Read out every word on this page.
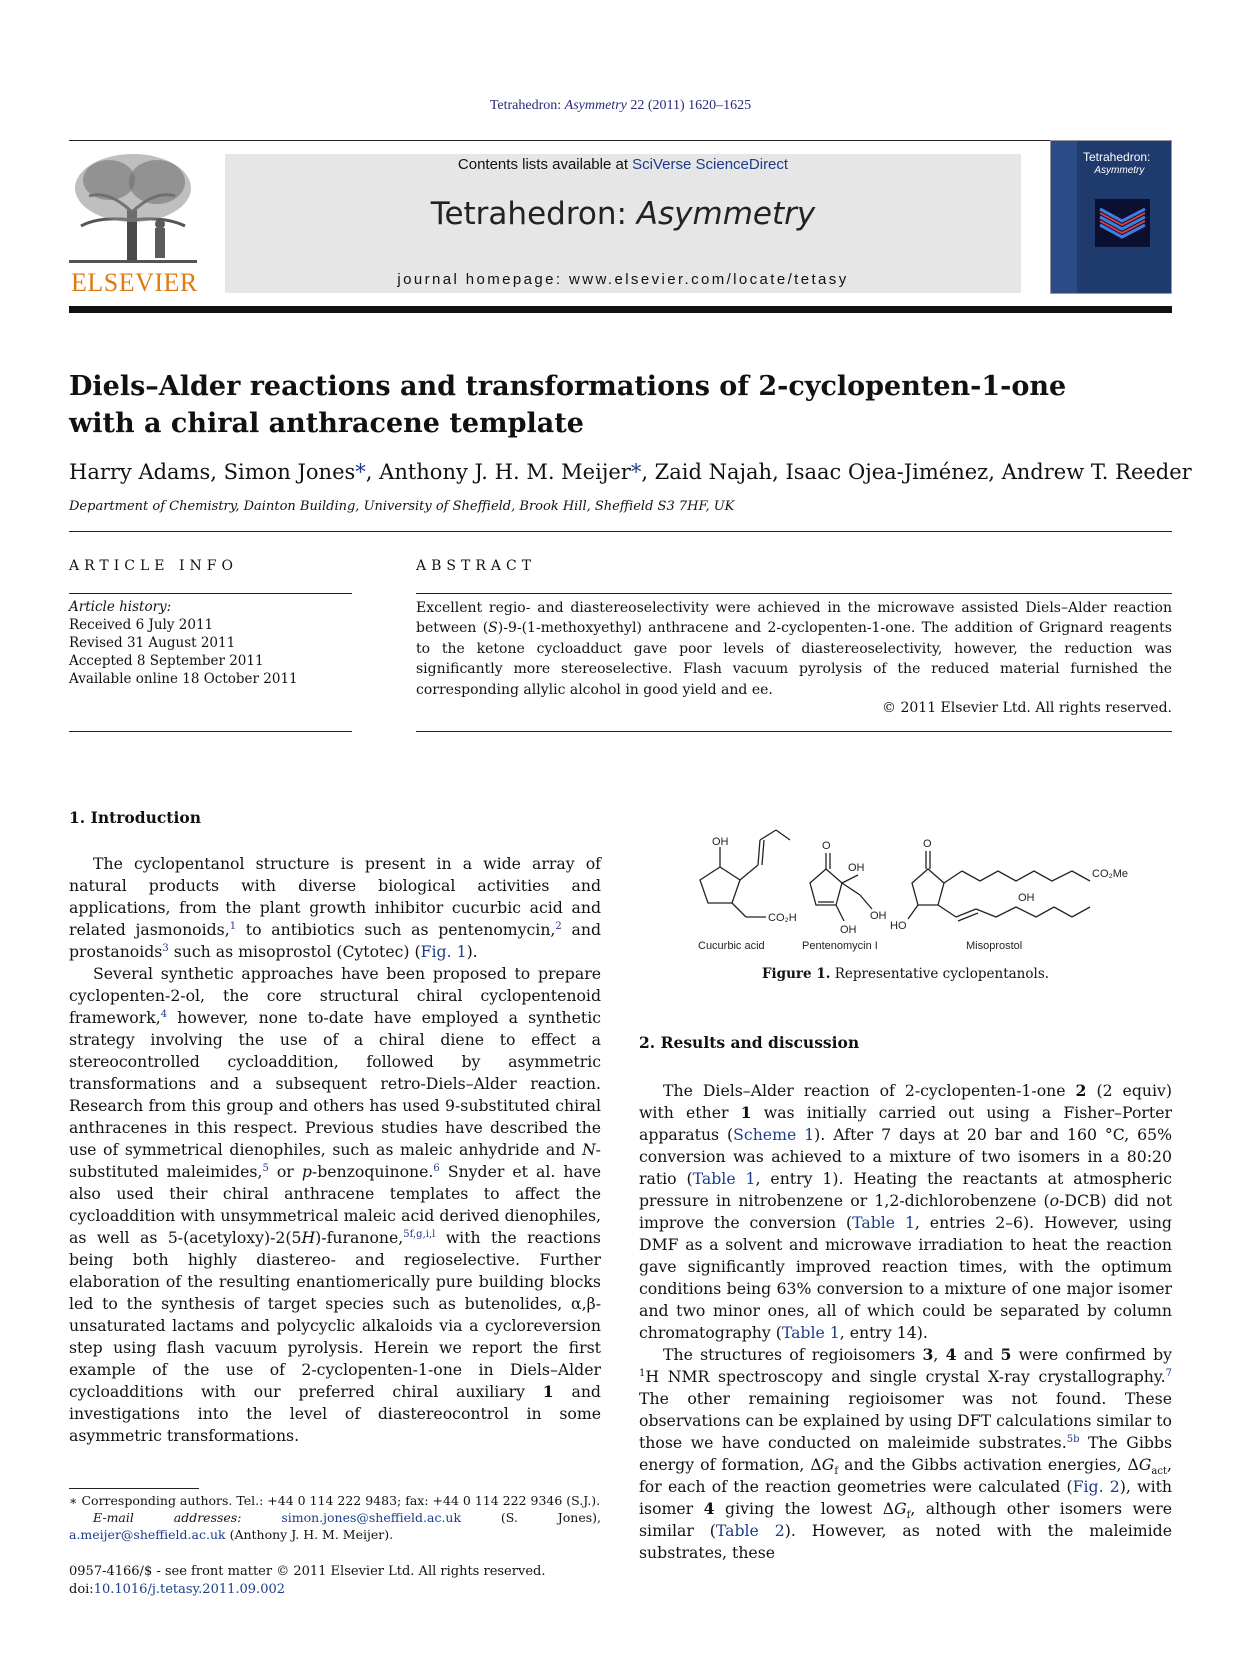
Tetrahedron: Asymmetry 22 (2011) 1620–1625
ELSEVIER
Contents lists available at SciVerse ScienceDirect
Tetrahedron: Asymmetry
journal homepage: www.elsevier.com/locate/tetasy
Tetrahedron:
Asymmetry
Diels–Alder reactions and transformations of 2-cyclopenten-1-one
with a chiral anthracene template
Harry Adams, Simon Jones*, Anthony J. H. M. Meijer*, Zaid Najah, Isaac Ojea-Jiménez, Andrew T. Reeder
Department of Chemistry, Dainton Building, University of Sheffield, Brook Hill, Sheffield S3 7HF, UK
ARTICLE INFO	ABSTRACT
Article history:
Received 6 July 2011
Revised 31 August 2011
Accepted 8 September 2011
Available online 18 October 2011
Excellent regio- and diastereoselectivity were achieved in the microwave assisted Diels–Alder reaction between (S)-9-(1-methoxyethyl) anthracene and 2-cyclopenten-1-one. The addition of Grignard reagents to the ketone cycloadduct gave poor levels of diastereoselectivity, however, the reduction was significantly more stereoselective. Flash vacuum pyrolysis of the reduced material furnished the corresponding allylic alcohol in good yield and ee.
© 2011 Elsevier Ltd. All rights reserved.
1. Introduction

The cyclopentanol structure is present in a wide array of natural products with diverse biological activities and applications, from the plant growth inhibitor cucurbic acid and related jasmonoids,$^1$ to antibiotics such as pentenomycin,$^2$ and prostanoids$^3$ such as misoprostol (Cytotec) (Fig. 1).

Several synthetic approaches have been proposed to prepare cyclopenten-2-ol, the core structural chiral cyclopentenoid framework,$^4$ however, none to-date have employed a synthetic strategy involving the use of a chiral diene to effect a stereocontrolled cycloaddition, followed by asymmetric transformations and a subsequent retro-Diels–Alder reaction. Research from this group and others has used 9-substituted chiral anthracenes in this respect. Previous studies have described the use of symmetrical dienophiles, such as maleic anhydride and N-substituted maleimides,$^5$ or p-benzoquinone.$^6$ Snyder et al. have also used their chiral anthracene templates to affect the cycloaddition with unsymmetrical maleic acid derived dienophiles, as well as 5-(acetyloxy)-2(5H)-furanone,$^{5f,g,i,l}$ with the reactions being both highly diastereo- and regioselective. Further elaboration of the resulting enantiomerically pure building blocks led to the synthesis of target species such as butenolides, α,β-unsaturated lactams and polycyclic alkaloids via a cycloreversion step using flash vacuum pyrolysis. Herein we report the first example of the use of 2-cyclopenten-1-one in Diels–Alder cycloadditions with our preferred chiral auxiliary 1 and investigations into the level of diastereocontrol in some asymmetric transformations.

OH
CO₂H
Cucurbic acid
O
OH
OH
OH
Pentenomycin I
O
CO₂Me
OH
HO
Misoprostol
Figure 1. Representative cyclopentanols.
2. Results and discussion

The Diels–Alder reaction of 2-cyclopenten-1-one 2 (2 equiv) with ether 1 was initially carried out using a Fisher–Porter apparatus (Scheme 1). After 7 days at 20 bar and 160 °C, 65% conversion was achieved to a mixture of two isomers in a 80:20 ratio (Table 1, entry 1). Heating the reactants at atmospheric pressure in nitrobenzene or 1,2-dichlorobenzene (o-DCB) did not improve the conversion (Table 1, entries 2–6). However, using DMF as a solvent and microwave irradiation to heat the reaction gave significantly improved reaction times, with the optimum conditions being 63% conversion to a mixture of one major isomer and two minor ones, all of which could be separated by column chromatography (Table 1, entry 14).

The structures of regioisomers 3, 4 and 5 were confirmed by $^1$H NMR spectroscopy and single crystal X-ray crystallography.$^7$ The other remaining regioisomer was not found. These observations can be explained by using DFT calculations similar to those we have conducted on maleimide substrates.$^{5b}$ The Gibbs energy of formation, $\Delta G_f$ and the Gibbs activation energies, $\Delta G_{act}$, for each of the reaction geometries were calculated (Fig. 2), with isomer 4 giving the lowest $\Delta G_f$, although other isomers were similar (Table 2). However, as noted with the maleimide substrates, these

∗ Corresponding authors. Tel.: +44 0 114 222 9483; fax: +44 0 114 222 9346 (S.J.).
E-mail addresses:	simon.jones@sheffield.ac.uk (S. Jones), a.meijer@sheffield.ac.uk (Anthony J. H. M. Meijer).
0957-4166/$ - see front matter © 2011 Elsevier Ltd. All rights reserved.
doi:10.1016/j.tetasy.2011.09.002
